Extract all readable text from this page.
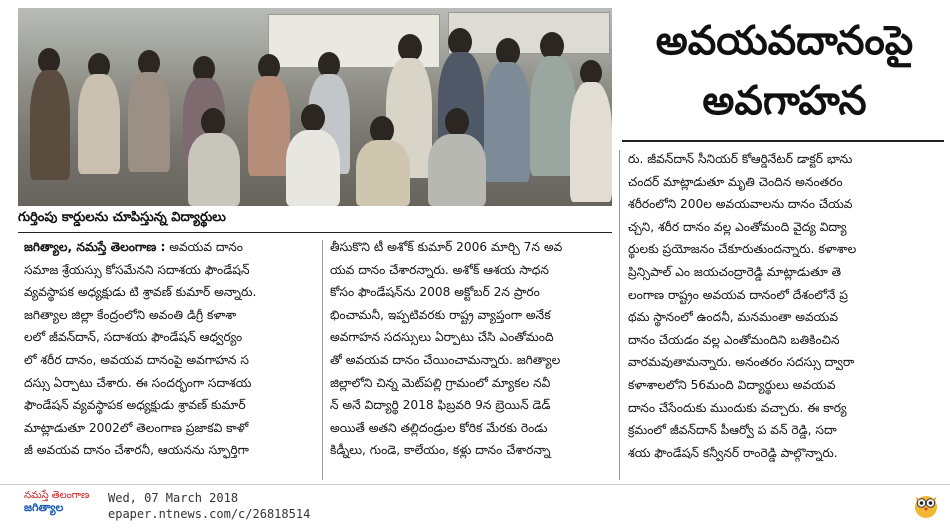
గుర్తింపు కార్డులను చూపిస్తున్న విద్యార్థులు
అవయవదానంపై
అవగాహన
జగిత్యాల, నమస్తే తెలంగాణ : అవయవ దానం
సమాజ శ్రేయస్సు కోసమేనని సదాశయ ఫౌండేషన్
వ్యవస్థాపక అధ్యక్షుడు టి శ్రావణ్ కుమార్ అన్నారు.
జగిత్యాల జిల్లా కేంద్రంలోని అవంతి డిగ్రీ కళాశా
లలో జీవన్‌దాన్, సదాశయ ఫౌండేషన్ ఆధ్వర్యం
లో శరీర దానం, అవయవ దానంపై అవగాహన స
దస్సు ఏర్పాటు చేశారు. ఈ సందర్భంగా సదాశయ
ఫౌండేషన్ వ్యవస్థాపక అధ్యక్షుడు శ్రావణ్ కుమార్
మాట్లాడుతూ 2002లో తెలంగాణ ప్రజాకవి కాళో
జీ అవయవ దానం చేశారనీ, ఆయనను స్ఫూర్తిగా
తీసుకొని టీ అశోక్ కుమార్ 2006 మార్చి 7న అవ
యవ దానం చేశారన్నారు. అశోక్ ఆశయ సాధన
కోసం ఫౌండేషన్‌ను 2008 అక్టోబర్ 2న ప్రారం
భించామనీ, ఇప్పటివరకు రాష్ట్ర వ్యాప్తంగా అనేక
అవగాహన సదస్సులు ఏర్పాటు చేసి ఎంతోమంది
తో అవయవ దానం చేయించామన్నారు. జగిత్యాల
జిల్లాలోని చిన్న మెట్‌పల్లి గ్రామంలో మ్యాకల నవీ
న్ అనే విద్యార్థి 2018 ఫిబ్రవరి 9న బ్రెయిన్ డెడ్
అయితే అతని తల్లిదండ్రుల కోరిక మేరకు రెండు
కిడ్నీలు, గుండె, కాలేయం, కళ్లు దానం చేశారన్నా
రు. జీవన్‌దాన్ సీనియర్ కోఆర్డినేటర్ డాక్టర్ భాను
చందర్ మాట్లాడుతూ మృతి చెందిన అనంతరం
శరీరంలోని 200ల అవయవాలను దానం చేయవ
చ్చని, శరీర దానం వల్ల ఎంతోమంది వైద్య విద్యా
ర్థులకు ప్రయోజనం చేకూరుతుందన్నారు. కళాశాల
ప్రిన్సిపాల్ ఎం జయచంద్రారెడ్డి మాట్లాడుతూ తె
లంగాణ రాష్ట్రం అవయవ దానంలో దేశంలోనే ప్ర
థమ స్థానంలో ఉందనీ, మనమంతా అవయవ
దానం చేయడం వల్ల ఎంతోమందిని బతికించిన
వారమవుతామన్నారు. అనంతరం సదస్సు ద్వారా
కళాశాలలోని 56మంది విద్యార్థులు అవయవ
దానం చేసేందుకు ముందుకు వచ్చారు. ఈ కార్య
క్రమంలో జీవన్‌దాన్ పీఆర్వో ప వన్ రెడ్డి, సదా
శయ ఫౌండేషన్ కన్వీనర్ రాంరెడ్డి పాల్గొన్నారు.
నమస్తే తెలంగాణ
జగిత్యాల
Wed, 07 March 2018
epaper.ntnews.com/c/26818514
